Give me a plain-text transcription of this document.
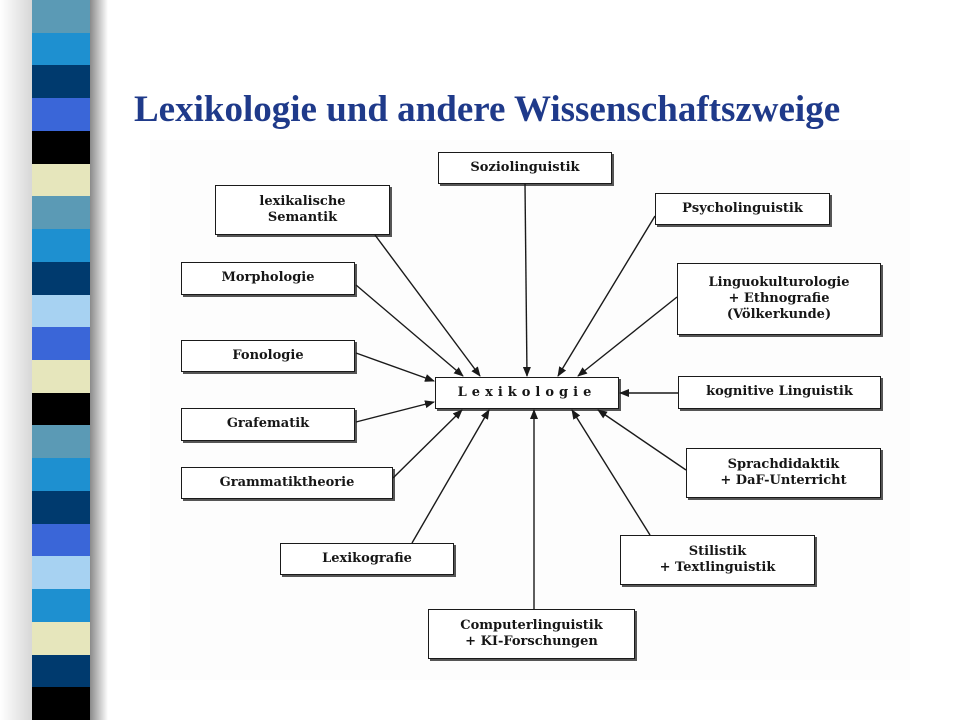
Lexikologie und andere Wissenschaftszweige
Soziolinguistik
lexikalische
Semantik
Psycholinguistik
Morphologie	Linguokulturologie
+ Ethnografie
(Völkerkunde)
Fonologie
Lexikologie	kognitive Linguistik
Grafematik
Sprachdidaktik
+ DaF-Unterricht
Grammatiktheorie
Lexikografie	Stilistik
+ Textlinguistik
Computerlinguistik
+ KI-Forschungen
